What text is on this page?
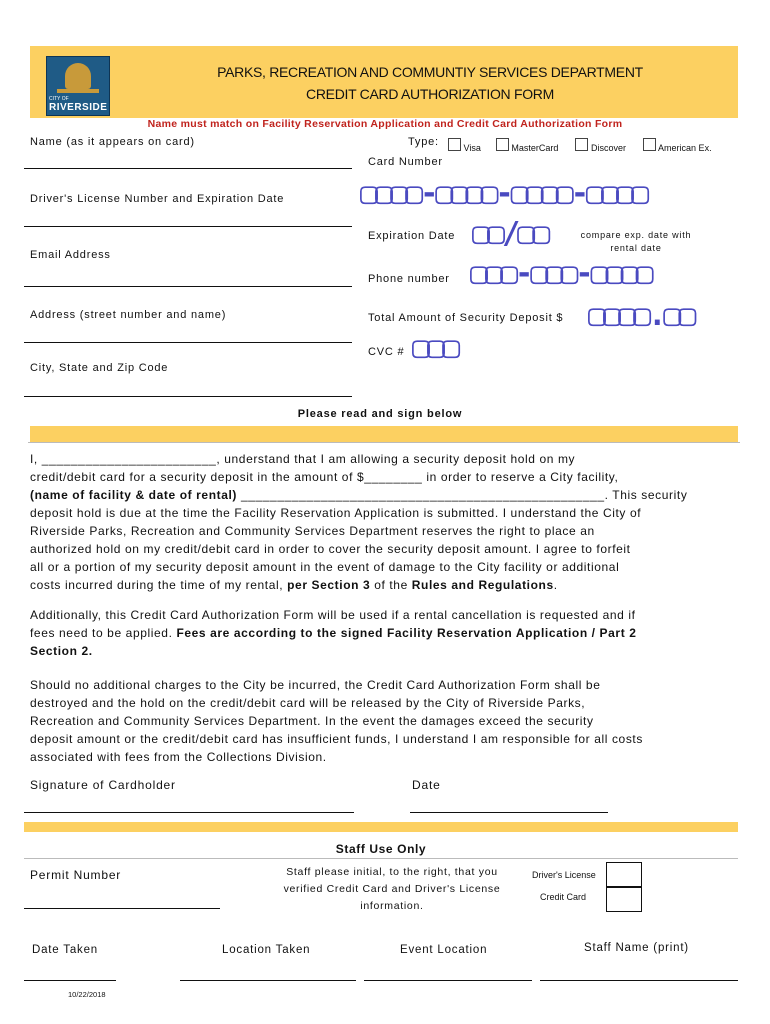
CITY OF
RIVERSIDE
PARKS, RECREATION AND COMMUNTIY SERVICES DEPARTMENT
CREDIT CARD AUTHORIZATION FORM
Name must match on Facility Reservation Application and Credit Card Authorization Form
Name (as it appears on card)
Driver's License Number and Expiration Date
Email Address
Address (street number and name)
City, State and Zip Code
Type:	Visa	MasterCard	Discover	American Ex.
Card Number
▢▢▢▢-▢▢▢▢-▢▢▢▢-▢▢▢▢
Expiration Date ▢▢/▢▢	compare exp. date with rental date
Phone number ▢▢▢-▢▢▢-▢▢▢▢
Total Amount of Security Deposit $ ▢▢▢▢.▢▢
CVC # ▢▢▢
Please read and sign below
I, ________________________, understand that I am allowing a security deposit hold on my
credit/debit card for a security deposit in the amount of $________ in order to reserve a City facility,
(name of facility & date of rental) __________________________________________________. This security
deposit hold is due at the time the Facility Reservation Application is submitted. I understand the City of
Riverside Parks, Recreation and Community Services Department reserves the right to place an
authorized hold on my credit/debit card in order to cover the security deposit amount. I agree to forfeit
all or a portion of my security deposit amount in the event of damage to the City facility or additional
costs incurred during the time of my rental, per Section 3 of the Rules and Regulations.
Additionally, this Credit Card Authorization Form will be used if a rental cancellation is requested and if
fees need to be applied. Fees are according to the signed Facility Reservation Application / Part 2
Section 2.
Should no additional charges to the City be incurred, the Credit Card Authorization Form shall be
destroyed and the hold on the credit/debit card will be released by the City of Riverside Parks,
Recreation and Community Services Department. In the event the damages exceed the security
deposit amount or the credit/debit card has insufficient funds, I understand I am responsible for all costs
associated with fees from the Collections Division.
Signature of Cardholder	Date
Staff Use Only
Permit Number	Staff please initial, to the right, that you
verified Credit Card and Driver's License
information.
Driver's License
Credit Card
Date Taken	Location Taken	Event Location	Staff Name (print)
10/22/2018
